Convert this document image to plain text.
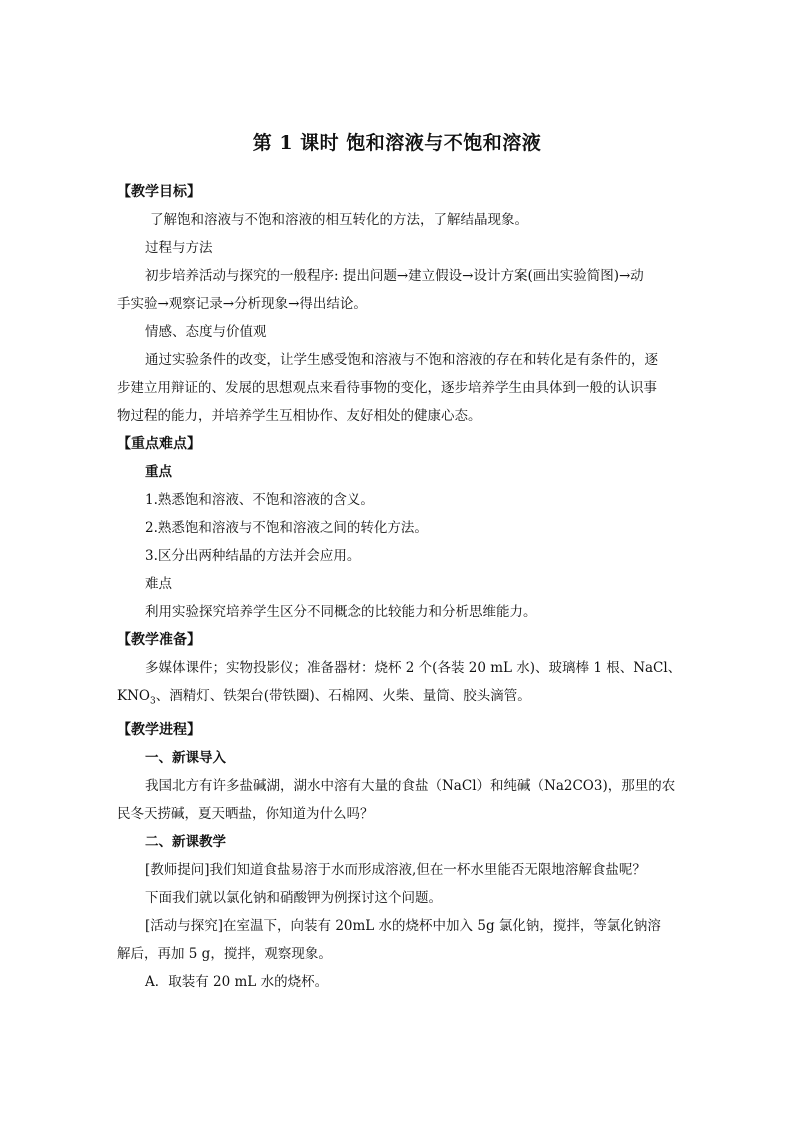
第 1 课时 饱和溶液与不饱和溶液
【教学目标】
了解饱和溶液与不饱和溶液的相互转化的方法，了解结晶现象。
过程与方法
初步培养活动与探究的一般程序: 提出问题→建立假设→设计方案(画出实验简图)→动
手实验→观察记录→分析现象→得出结论。
情感、态度与价值观
通过实验条件的改变，让学生感受饱和溶液与不饱和溶液的存在和转化是有条件的，逐
步建立用辩证的、发展的思想观点来看待事物的变化，逐步培养学生由具体到一般的认识事
物过程的能力，并培养学生互相协作、友好相处的健康心态。
【重点难点】
重点
1.熟悉饱和溶液、不饱和溶液的含义。
2.熟悉饱和溶液与不饱和溶液之间的转化方法。
3.区分出两种结晶的方法并会应用。
难点
利用实验探究培养学生区分不同概念的比较能力和分析思维能力。
【教学准备】
多媒体课件；实物投影仪；准备器材：烧杯 2 个(各装 20 mL 水)、玻璃棒 1 根、NaCl、
$KNO_3$、酒精灯、铁架台(带铁圈)、石棉网、火柴、量筒、胶头滴管。
【教学进程】
一、新课导入
我国北方有许多盐碱湖，湖水中溶有大量的食盐（NaCl）和纯碱（Na2CO3)，那里的农
民冬天捞碱，夏天晒盐，你知道为什么吗？
二、新课教学
[教师提问]我们知道食盐易溶于水而形成溶液,但在一杯水里能否无限地溶解食盐呢？
下面我们就以氯化钠和硝酸钾为例探讨这个问题。
[活动与探究]在室温下，向装有 20mL 水的烧杯中加入 5g 氯化钠，搅拌，等氯化钠溶
解后，再加 5 g，搅拌，观察现象。
A．取装有 20 mL 水的烧杯。
